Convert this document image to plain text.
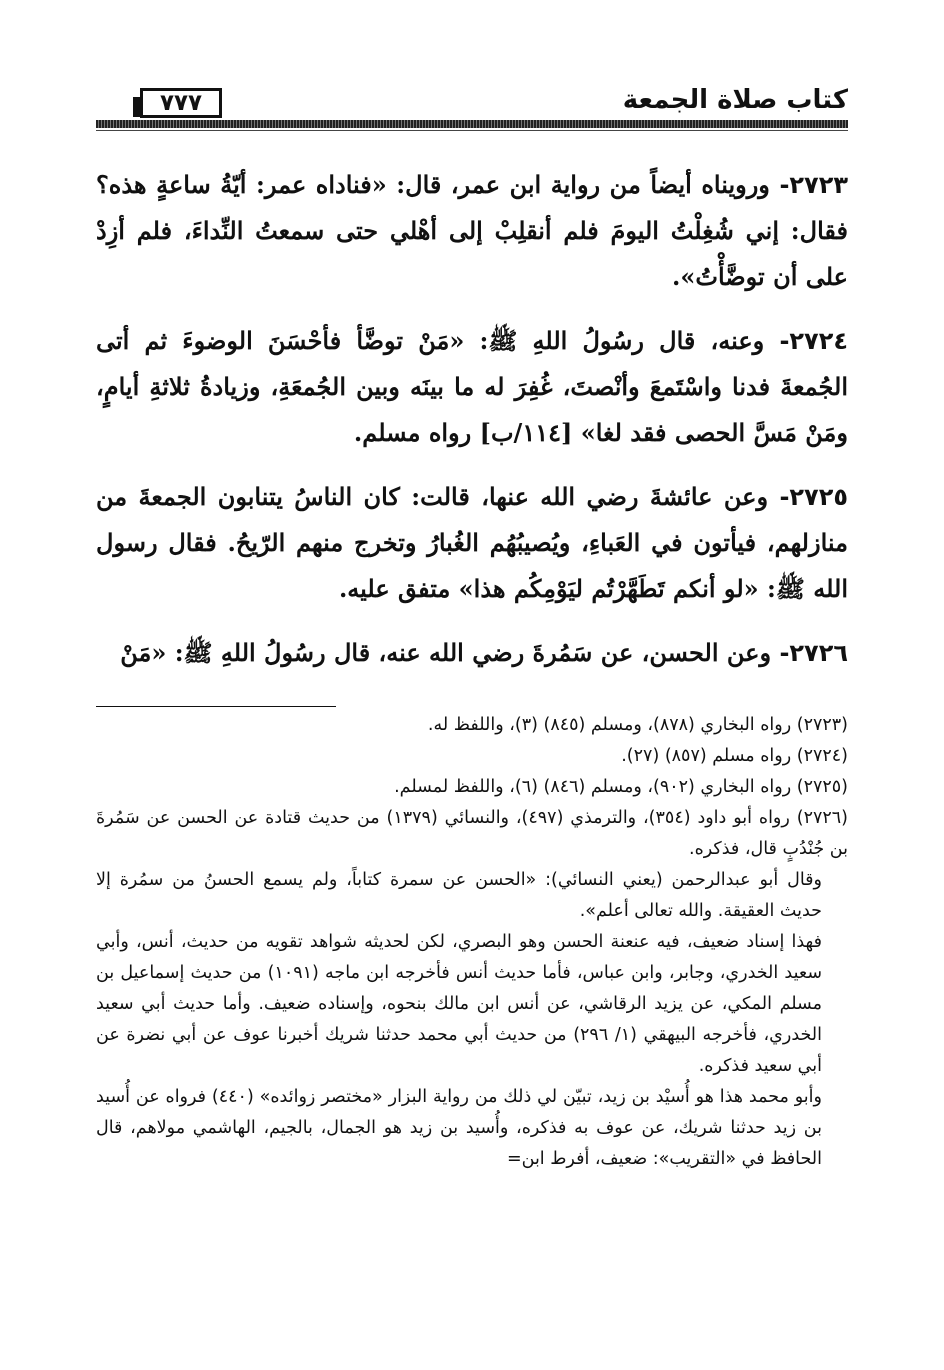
٧٧٧	كتاب صلاة الجمعة

٢٧٢٣- ورويناه أيضاً من رواية ابن عمر، قال: «فناداه عمر: أيّةُ ساعةٍ هذه؟ فقال: إني شُغِلْتُ اليومَ فلم أنقلِبْ إلى أهْلي حتى سمعتُ النِّداءَ، فلم أزِدْ على أن توضَّأْتُ».

٢٧٢٤- وعنه، قال رسُولُ اللهِ ﷺ: «مَنْ توضَّأ فأحْسَنَ الوضوءَ ثم أتى الجُمعةَ فدنا واسْتَمعَ وأنْصتَ، غُفِرَ له ما بينَه وبين الجُمعَةِ، وزيادةُ ثلاثةِ أيامٍ، ومَنْ مَسَّ الحصى فقد لغا» [١١٤/ب] رواه مسلم.

٢٧٢٥- وعن عائشةَ رضي الله عنها، قالت: كان الناسُ يتنابون الجمعةَ من منازلهم، فيأتون في العَباءِ، ويُصيبُهُم الغُبارُ وتخرج منهم الرّيحُ. فقال رسول الله ﷺ: «لو أنكم تَطَهَّرْتُم ليَوْمِكُم هذا» متفق عليه.

٢٧٢٦- وعن الحسن، عن سَمُرةَ رضي الله عنه، قال رسُولُ اللهِ ﷺ: «مَنْ

(٢٧٢٣) رواه البخاري (٨٧٨)، ومسلم (٨٤٥) (٣)، واللفظ له.

(٢٧٢٤) رواه مسلم (٨٥٧) (٢٧).

(٢٧٢٥) رواه البخاري (٩٠٢)، ومسلم (٨٤٦) (٦)، واللفظ لمسلم.

(٢٧٢٦) رواه أبو داود (٣٥٤)، والترمذي (٤٩٧)، والنسائي (١٣٧٩) من حديث قتادة عن الحسن عن سَمُرةَ بن جُنْدُبٍ قال، فذكره.

وقال أبو عبدالرحمن (يعني النسائي): «الحسن عن سمرة كتاباً، ولم يسمع الحسنُ من سمُرة إلا حديث العقيقة. والله تعالى أعلم».

فهذا إسناد ضعيف، فيه عنعنة الحسن وهو البصري، لكن لحديثه شواهد تقويه من حديث، أنس، وأبي سعيد الخدري، وجابر، وابن عباس، فأما حديث أنس فأخرجه ابن ماجه (١٠٩١) من حديث إسماعيل بن مسلم المكي، عن يزيد الرقاشي، عن أنس ابن مالك بنحوه، وإسناده ضعيف. وأما حديث أبي سعيد الخدري، فأخرجه البيهقي (١/ ٢٩٦) من حديث أبي محمد حدثنا شريك أخبرنا عوف عن أبي نضرة عن أبي سعيد فذكره.

وأبو محمد هذا هو أُسيْد بن زيد، تبيّن لي ذلك من رواية البزار «مختصر زوائده» (٤٤٠) فرواه عن أُسيد بن زيد حدثنا شريك، عن عوف به فذكره، وأُسيد بن زيد هو الجمال، بالجيم، الهاشمي مولاهم، قال الحافظ في «التقريب»: ضعيف، أفرط ابن=
